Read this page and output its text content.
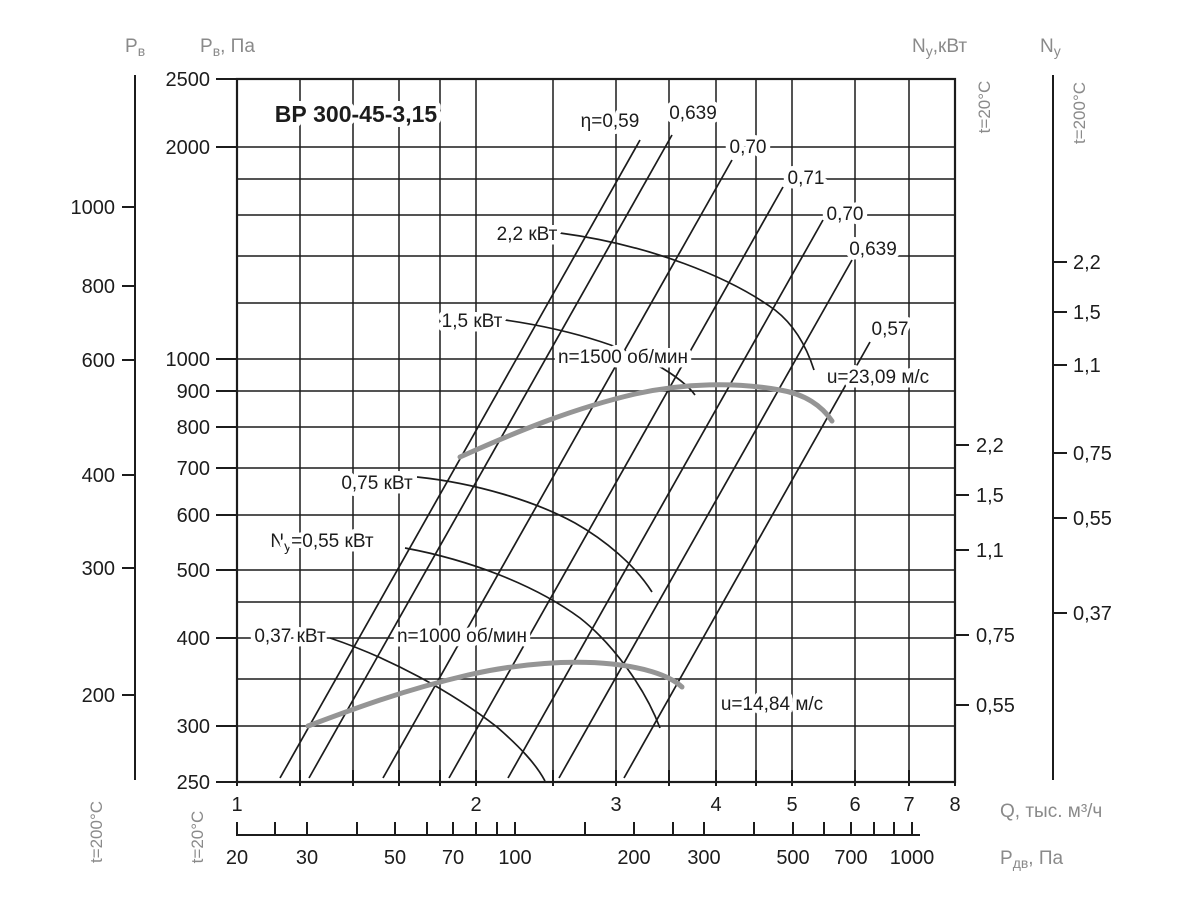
ВР 300-45-3,15
$P_в$	$P_в$, Па	$N_у,кВт$	$N_у$
t=200°C	t=20°C
t=20°C	t=200°C
1000
800
600
400
300
200
2500
2000
1000
900
800
700
600
500
400
300
250
2,2
1,5
1,1
0,75
0,55
2,2
1,5
1,1
0,75
0,55
0,37
1	2	3	4	5	6 7 8 Q, тыс. м³/ч
20 30	50 70 100	200 300	500 700 1000	$P_{дв}$, Па
η=0,59 0,639
0,70
0,71
0,70
0,639
0,57
n=1500 об/мин
n=1000 об/мин
u=23,09 м/с
u=14,84 м/с
2,2 кВт
1,5 кВт
0,75 кВт
$N_у=0,55$ кВт
0,37 кВт
